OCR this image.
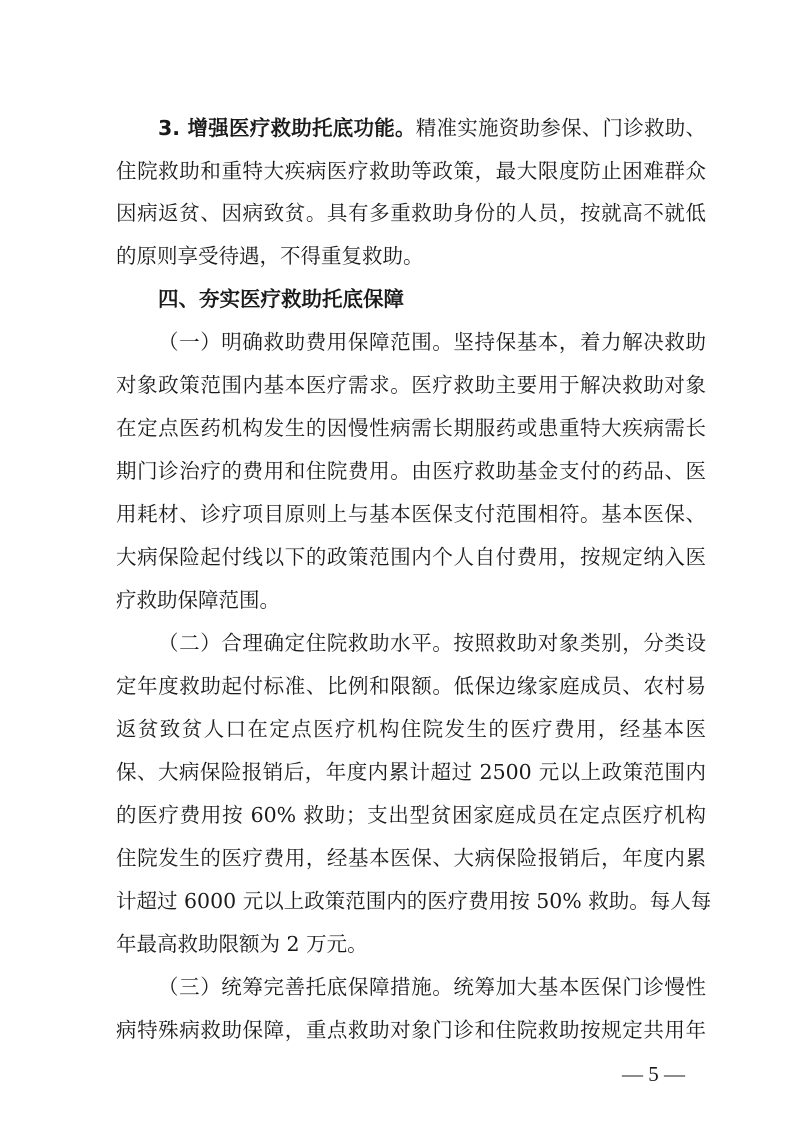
3. 增强医疗救助托底功能。精准实施资助参保、门诊救助、
住院救助和重特大疾病医疗救助等政策，最大限度防止困难群众
因病返贫、因病致贫。具有多重救助身份的人员，按就高不就低
的原则享受待遇，不得重复救助。
四、夯实医疗救助托底保障
（一）明确救助费用保障范围。坚持保基本，着力解决救助
对象政策范围内基本医疗需求。医疗救助主要用于解决救助对象
在定点医药机构发生的因慢性病需长期服药或患重特大疾病需长
期门诊治疗的费用和住院费用。由医疗救助基金支付的药品、医
用耗材、诊疗项目原则上与基本医保支付范围相符。基本医保、
大病保险起付线以下的政策范围内个人自付费用，按规定纳入医
疗救助保障范围。
（二）合理确定住院救助水平。按照救助对象类别，分类设
定年度救助起付标准、比例和限额。低保边缘家庭成员、农村易
返贫致贫人口在定点医疗机构住院发生的医疗费用，经基本医
保、大病保险报销后，年度内累计超过 2500 元以上政策范围内
的医疗费用按 60% 救助；支出型贫困家庭成员在定点医疗机构
住院发生的医疗费用，经基本医保、大病保险报销后，年度内累
计超过 6000 元以上政策范围内的医疗费用按 50% 救助。每人每
年最高救助限额为 2 万元。
（三）统筹完善托底保障措施。统筹加大基本医保门诊慢性
病特殊病救助保障，重点救助对象门诊和住院救助按规定共用年
— 5 —
